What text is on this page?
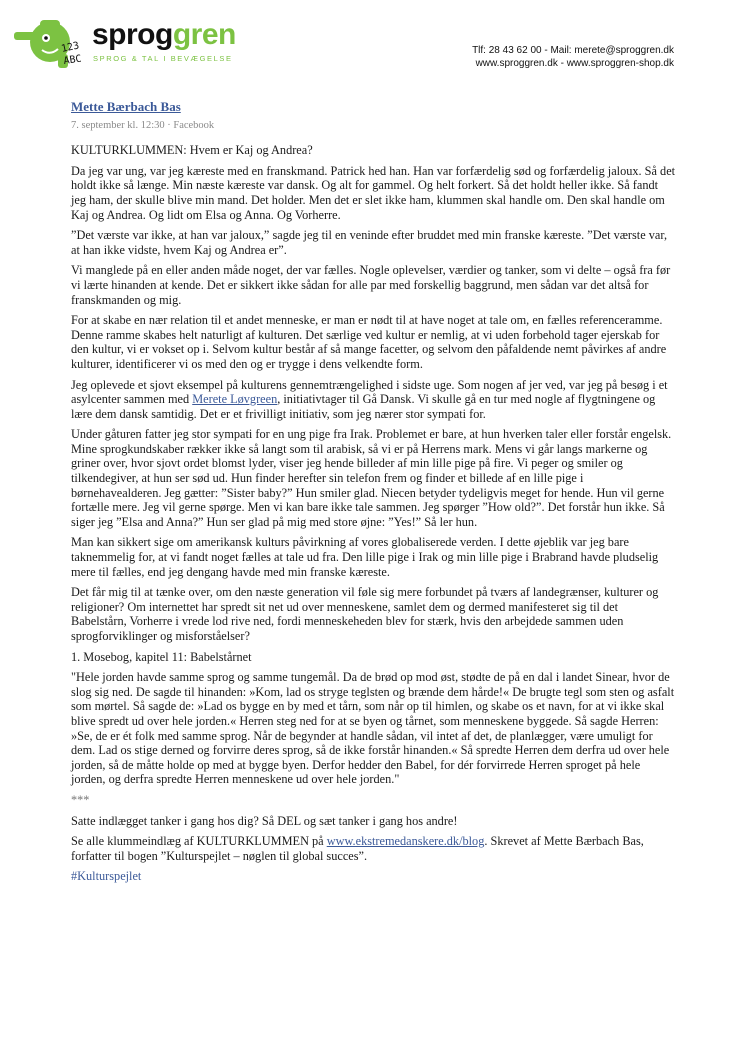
123
ABC
sproggren
SPROG & TAL I BEVÆGELSE
Tlf: 28 43 62 00 - Mail: merete@sproggren.dk
www.sproggren.dk - www.sproggren-shop.dk
Mette Bærbach Bas
7. september kl. 12:30 · Facebook

KULTURKLUMMEN: Hvem er Kaj og Andrea?

Da jeg var ung, var jeg kæreste med en franskmand. Patrick hed han. Han var forfærdelig sød og forfærdelig jaloux. Så det holdt ikke så længe. Min næste kæreste var dansk. Og alt for gammel. Og helt forkert. Så det holdt heller ikke. Så fandt jeg ham, der skulle blive min mand. Det holder. Men det er slet ikke ham, klummen skal handle om. Den skal handle om Kaj og Andrea. Og lidt om Elsa og Anna. Og Vorherre.

”Det værste var ikke, at han var jaloux,” sagde jeg til en veninde efter bruddet med min franske kæreste. ”Det værste var, at han ikke vidste, hvem Kaj og Andrea er”.

Vi manglede på en eller anden måde noget, der var fælles. Nogle oplevelser, værdier og tanker, som vi delte – også fra før vi lærte hinanden at kende. Det er sikkert ikke sådan for alle par med forskellig baggrund, men sådan var det altså for franskmanden og mig.

For at skabe en nær relation til et andet menneske, er man er nødt til at have noget at tale om, en fælles referenceramme. Denne ramme skabes helt naturligt af kulturen. Det særlige ved kultur er nemlig, at vi uden forbehold tager ejerskab for den kultur, vi er vokset op i. Selvom kultur består af så mange facetter, og selvom den påfaldende nemt påvirkes af andre kulturer, identificerer vi os med den og er trygge i dens velkendte form.

Jeg oplevede et sjovt eksempel på kulturens gennemtrængelighed i sidste uge. Som nogen af jer ved, var jeg på besøg i et asylcenter sammen med Merete Løvgreen, initiativtager til Gå Dansk. Vi skulle gå en tur med nogle af flygtningene og lære dem dansk samtidig. Det er et frivilligt initiativ, som jeg nærer stor sympati for.

Under gåturen fatter jeg stor sympati for en ung pige fra Irak. Problemet er bare, at hun hverken taler eller forstår engelsk. Mine sprogkundskaber rækker ikke så langt som til arabisk, så vi er på Herrens mark. Mens vi går langs markerne og griner over, hvor sjovt ordet blomst lyder, viser jeg hende billeder af min lille pige på fire. Vi peger og smiler og tilkendegiver, at hun ser sød ud. Hun finder herefter sin telefon frem og finder et billede af en lille pige i børnehavealderen. Jeg gætter: ”Sister baby?” Hun smiler glad. Niecen betyder tydeligvis meget for hende. Hun vil gerne fortælle mere. Jeg vil gerne spørge. Men vi kan bare ikke tale sammen. Jeg spørger ”How old?”. Det forstår hun ikke. Så siger jeg ”Elsa and Anna?” Hun ser glad på mig med store øjne: ”Yes!” Så ler hun.

Man kan sikkert sige om amerikansk kulturs påvirkning af vores globaliserede verden. I dette øjeblik var jeg bare taknemmelig for, at vi fandt noget fælles at tale ud fra. Den lille pige i Irak og min lille pige i Brabrand havde pludselig mere til fælles, end jeg dengang havde med min franske kæreste.

Det får mig til at tænke over, om den næste generation vil føle sig mere forbundet på tværs af landegrænser, kulturer og religioner? Om internettet har spredt sit net ud over menneskene, samlet dem og dermed manifesteret sig til det Babelstårn, Vorherre i vrede lod rive ned, fordi menneskeheden blev for stærk, hvis den arbejdede sammen uden sprogforviklinger og misforståelser?

1. Mosebog, kapitel 11: Babelstårnet

"Hele jorden havde samme sprog og samme tungemål. Da de brød op mod øst, stødte de på en dal i landet Sinear, hvor de slog sig ned. De sagde til hinanden: »Kom, lad os stryge teglsten og brænde dem hårde!« De brugte tegl som sten og asfalt som mørtel. Så sagde de: »Lad os bygge en by med et tårn, som når op til himlen, og skabe os et navn, for at vi ikke skal blive spredt ud over hele jorden.« Herren steg ned for at se byen og tårnet, som menneskene byggede. Så sagde Herren: »Se, de er ét folk med samme sprog. Når de begynder at handle sådan, vil intet af det, de planlægger, være umuligt for dem. Lad os stige derned og forvirre deres sprog, så de ikke forstår hinanden.« Så spredte Herren dem derfra ud over hele jorden, så de måtte holde op med at bygge byen. Derfor hedder den Babel, for dér forvirrede Herren sproget på hele jorden, og derfra spredte Herren menneskene ud over hele jorden."

***

Satte indlægget tanker i gang hos dig? Så DEL og sæt tanker i gang hos andre!

Se alle klummeindlæg af KULTURKLUMMEN på www.ekstremedanskere.dk/blog. Skrevet af Mette Bærbach Bas, forfatter til bogen ”Kulturspejlet – nøglen til global succes”.

#Kulturspejlet
